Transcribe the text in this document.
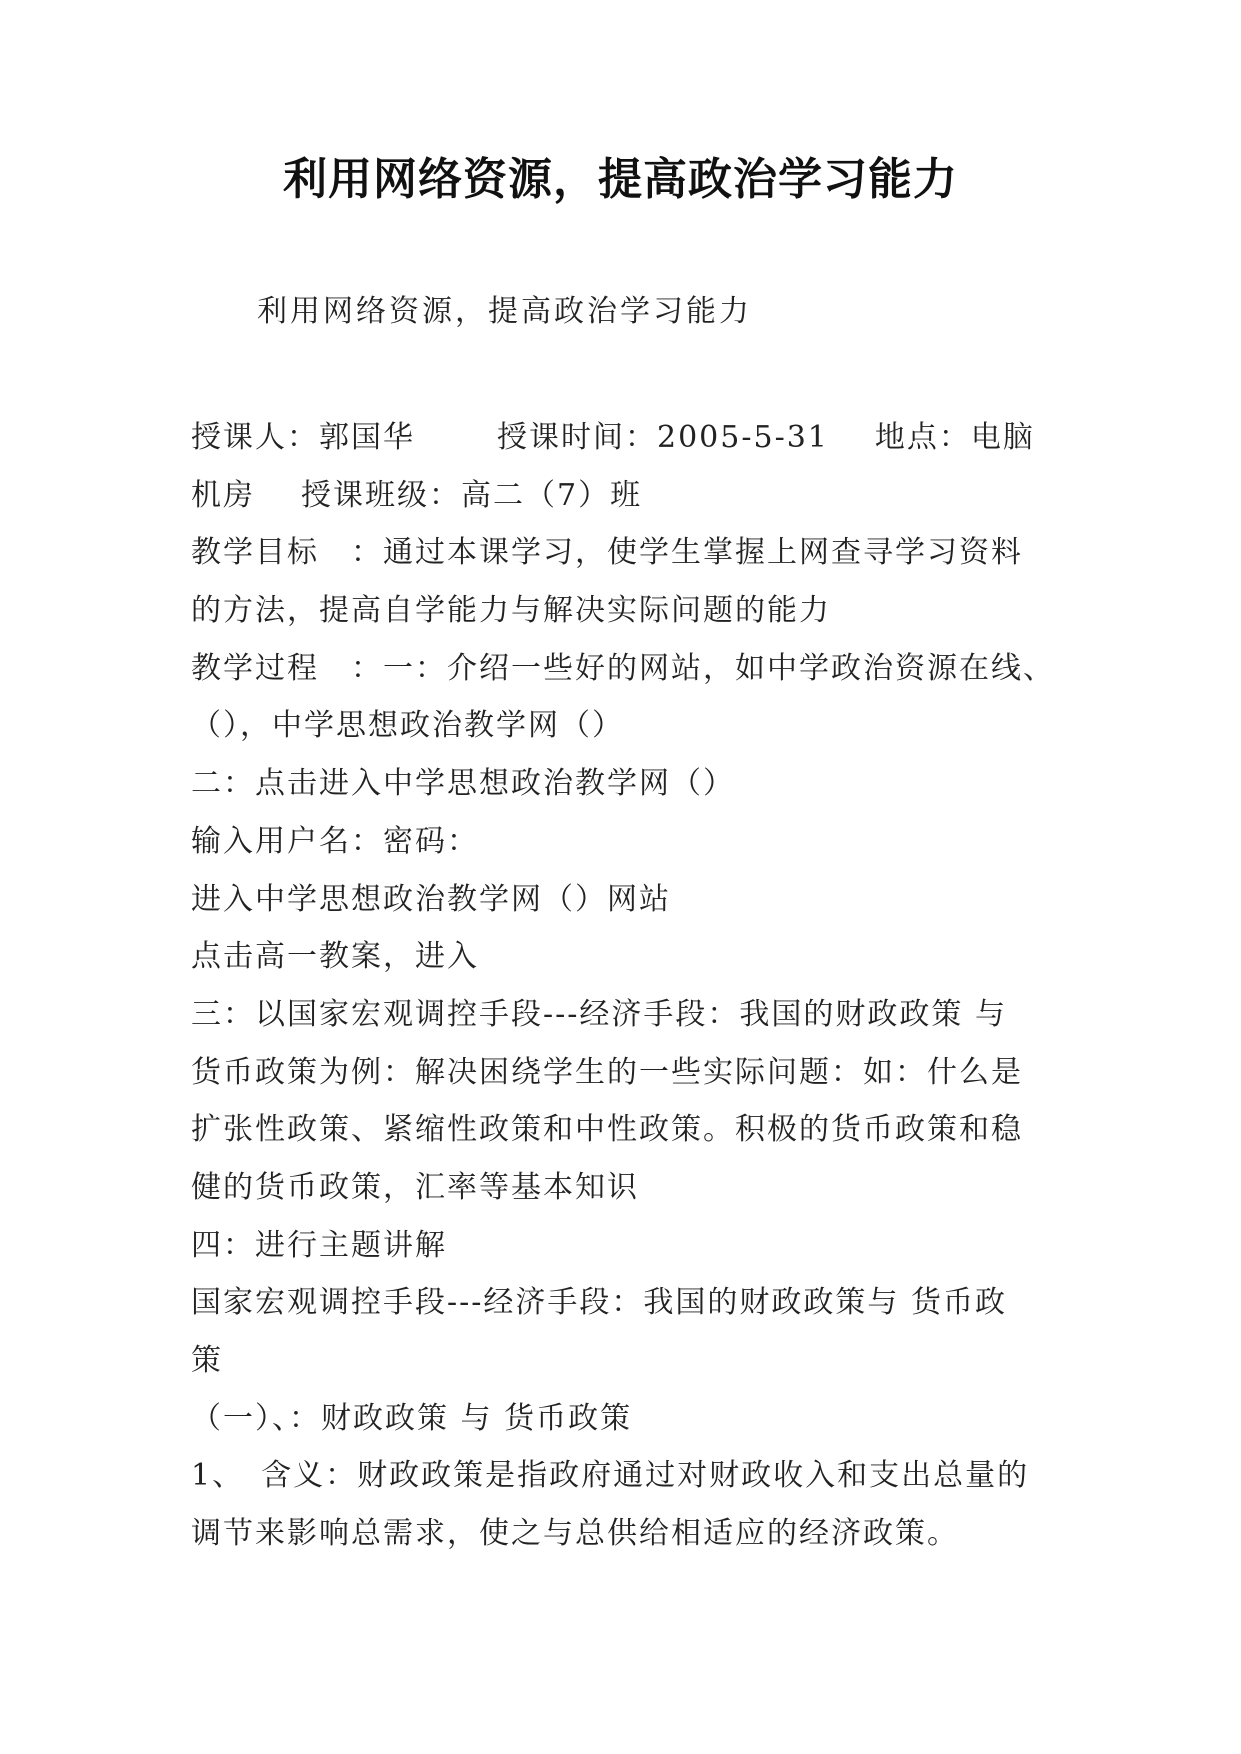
利用网络资源，提高政治学习能力
利用网络资源，提高政治学习能力
授课人：郭国华	授课时间：2005-5-31 地点：电脑
机房 授课班级：高二（7）班
教学目标　：通过本课学习，使学生掌握上网查寻学习资料
的方法，提高自学能力与解决实际问题的能力
教学过程　：一：介绍一些好的网站，如中学政治资源在线、
（），中学思想政治教学网（）
二：点击进入中学思想政治教学网（）
输入用户名：密码：
进入中学思想政治教学网（）网站
点击高一教案，进入
三：以国家宏观调控手段---经济手段：我国的财政政策 与
货币政策为例：解决困绕学生的一些实际问题：如：什么是
扩张性政策、紧缩性政策和中性政策。积极的货币政策和稳
健的货币政策，汇率等基本知识
四：进行主题讲解
国家宏观调控手段---经济手段：我国的财政政策与 货币政
策
（一）、：财政政策 与 货币政策
1、　含义：财政政策是指政府通过对财政收入和支出总量的
调节来影响总需求，使之与总供给相适应的经济政策。
